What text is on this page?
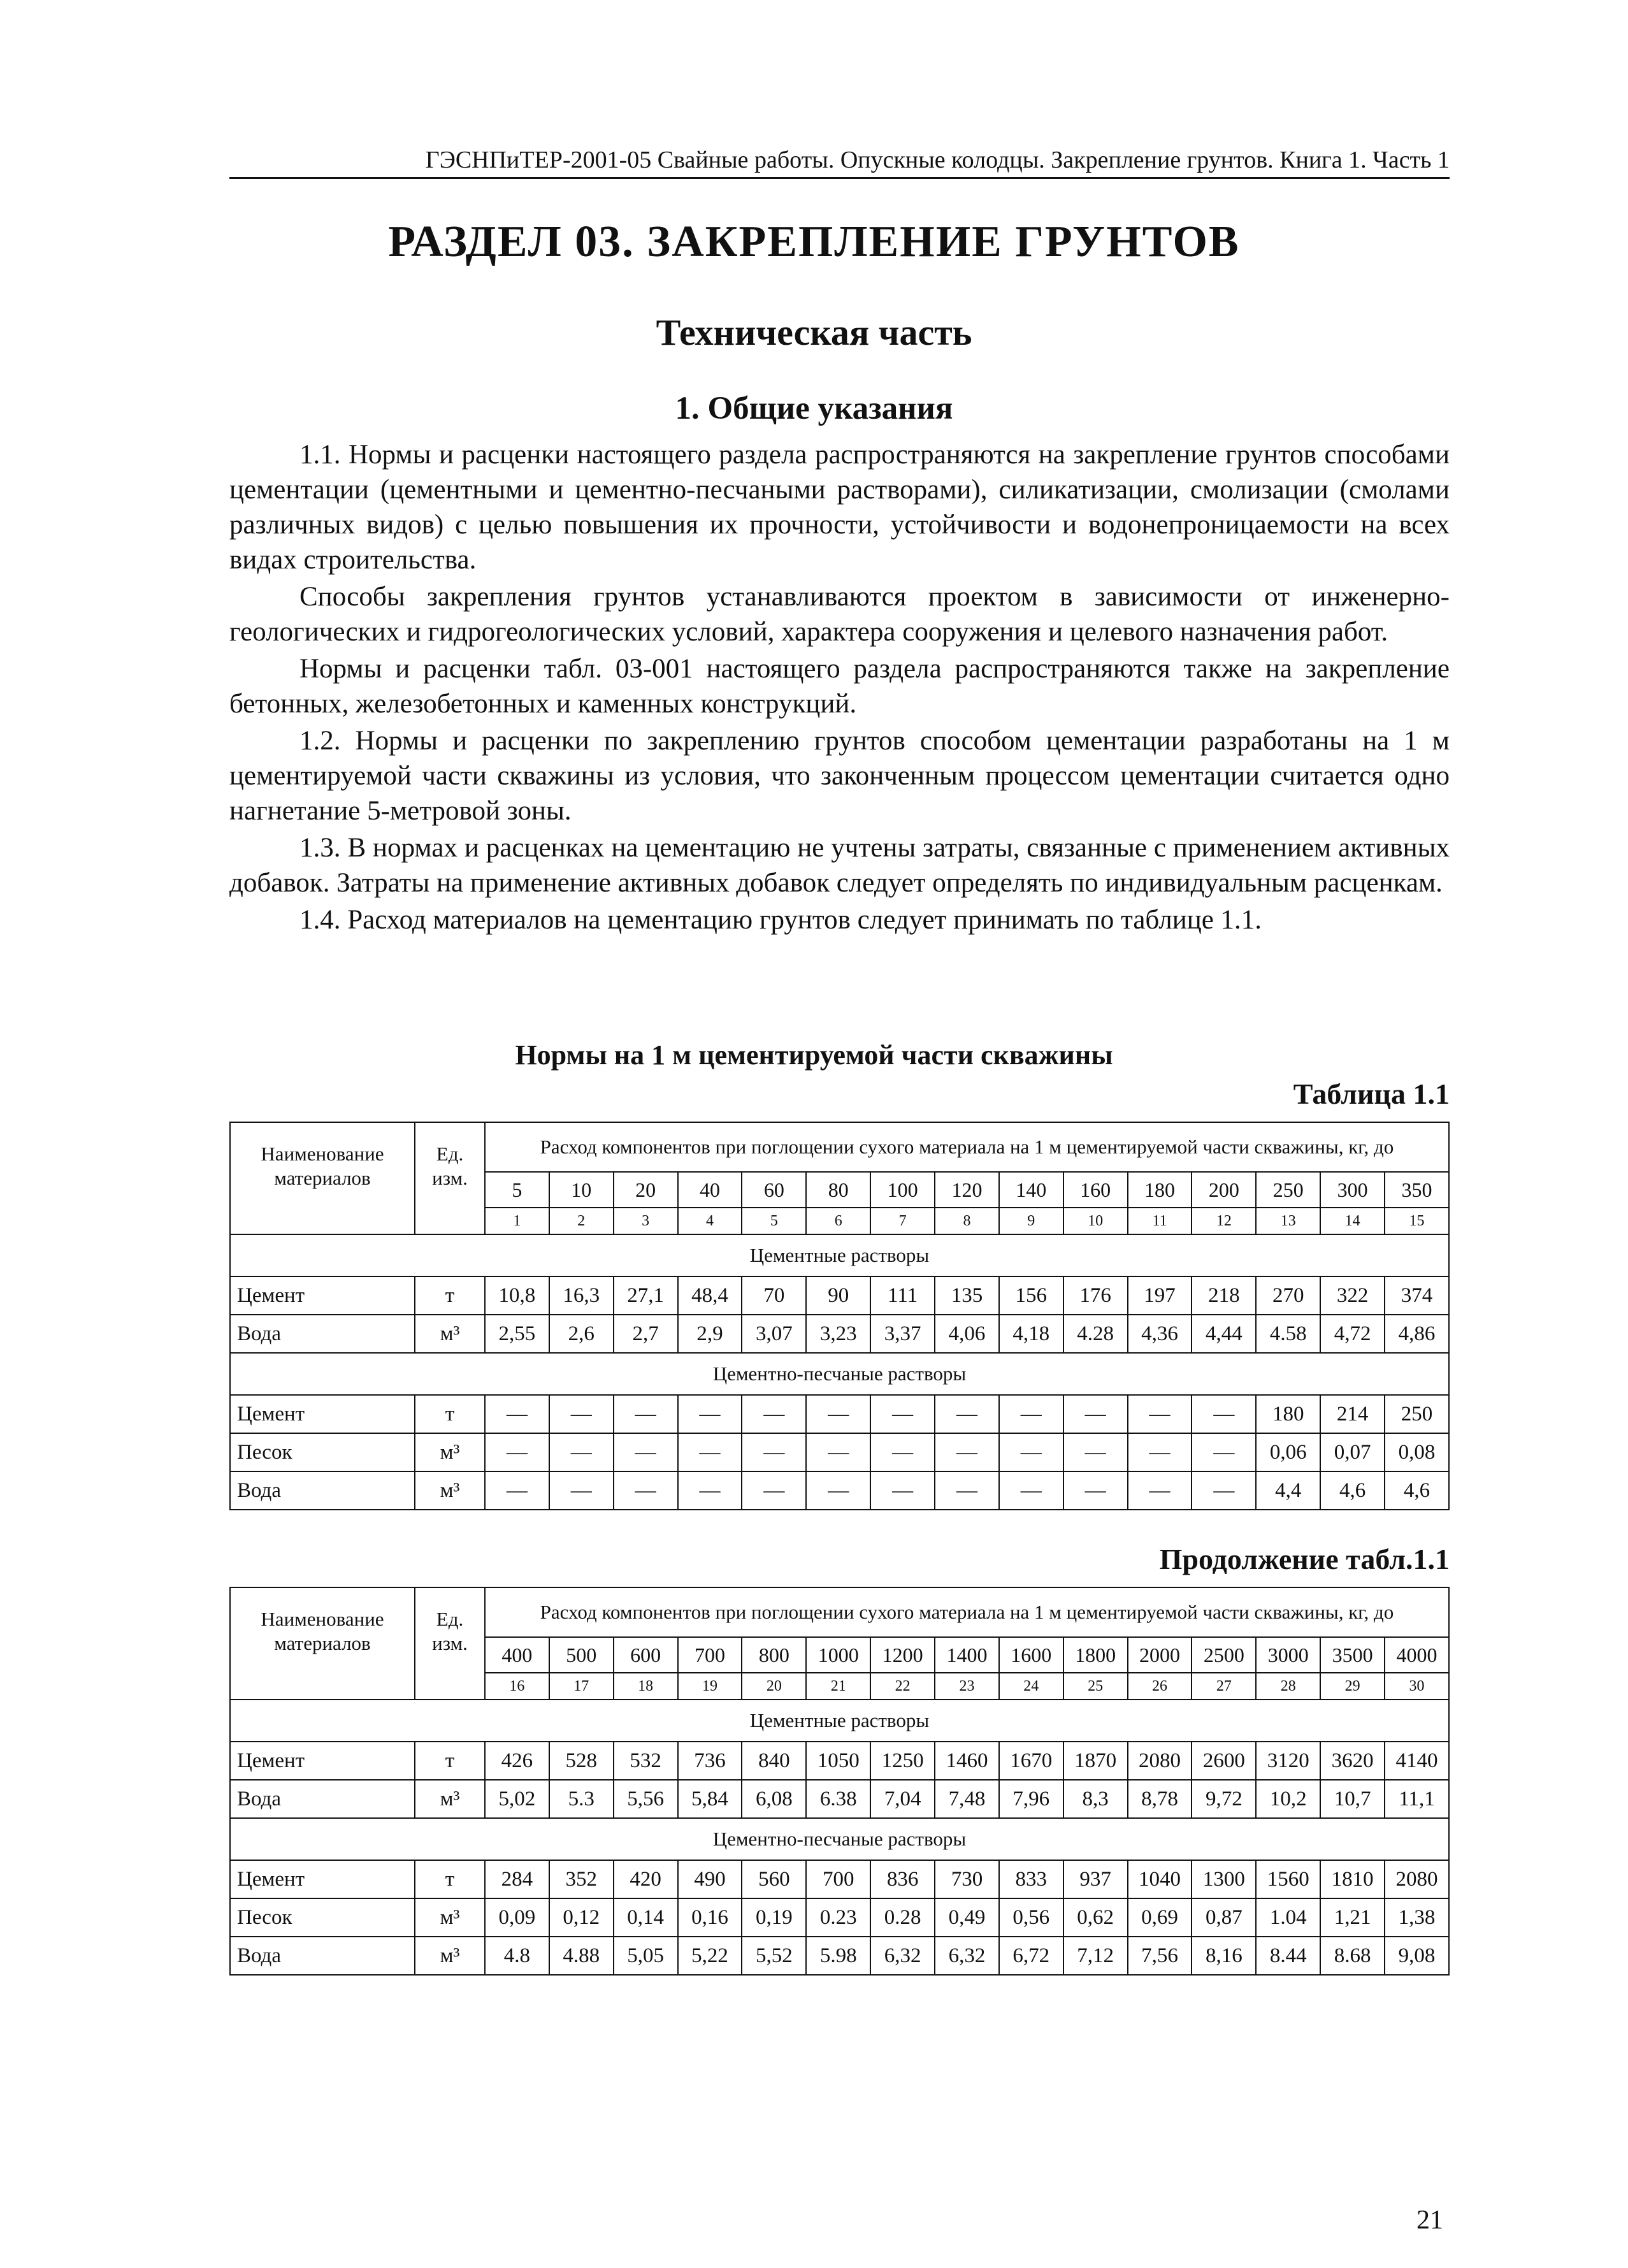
ГЭСНПиТЕР-2001-05 Свайные работы. Опускные колодцы. Закрепление грунтов. Книга 1. Часть 1
РАЗДЕЛ 03. ЗАКРЕПЛЕНИЕ ГРУНТОВ
Техническая часть
1. Общие указания

1.1. Нормы и расценки настоящего раздела распространяются на закрепление грунтов способами цементации (цементными и цементно-песчаными растворами), силикатизации, смолизации (смолами различных видов) с целью повышения их прочности, устойчивости и водонепроницаемости на всех видах строительства.

Способы закрепления грунтов устанавливаются проектом в зависимости от инженерно-геологических и гидрогеологических условий, характера сооружения и целевого назначения работ.

Нормы и расценки табл. 03-001 настоящего раздела распространяются также на закрепление бетонных, железобетонных и каменных конструкций.

1.2. Нормы и расценки по закреплению грунтов способом цементации разработаны на 1 м цементируемой части скважины из условия, что законченным процессом цементации считается одно нагнетание 5-метровой зоны.

1.3. В нормах и расценках на цементацию не учтены затраты, связанные с применением активных добавок. Затраты на применение активных добавок следует определять по индивидуальным расценкам.

1.4. Расход материалов на цементацию грунтов следует принимать по таблице 1.1.

Нормы на 1 м цементируемой части скважины
Таблица 1.1
Наименование материалов	Ед. изм.	Расход компонентов при поглощении сухого материала на 1 м цементируемой части скважины, кг, до														
		5	10	20	40	60	80	100	120	140	160	180	200	250	300	350
		1	2	3	4	5	6	7	8	9	10	11	12	13	14	15
Цементные растворы																
Цемент	т	10,8	16,3	27,1	48,4	70	90	111	135	156	176	197	218	270	322	374
Вода	м³	2,55	2,6	2,7	2,9	3,07	3,23	3,37	4,06	4,18	4.28	4,36	4,44	4.58	4,72	4,86
Цементно-песчаные растворы																
Цемент	т	—	—	—	—	—	—	—	—	—	—	—	—	180	214	250
Песок	м³	—	—	—	—	—	—	—	—	—	—	—	—	0,06	0,07	0,08
Вода	м³	—	—	—	—	—	—	—	—	—	—	—	—	4,4	4,6	4,6
Продолжение табл.1.1
Наименование материалов	Ед. изм.	Расход компонентов при поглощении сухого материала на 1 м цементируемой части скважины, кг, до														
		400	500	600	700	800	1000	1200	1400	1600	1800	2000	2500	3000	3500	4000
		16	17	18	19	20	21	22	23	24	25	26	27	28	29	30
Цементные растворы																
Цемент	т	426	528	532	736	840	1050	1250	1460	1670	1870	2080	2600	3120	3620	4140
Вода	м³	5,02	5.3	5,56	5,84	6,08	6.38	7,04	7,48	7,96	8,3	8,78	9,72	10,2	10,7	11,1
Цементно-песчаные растворы																
Цемент	т	284	352	420	490	560	700	836	730	833	937	1040	1300	1560	1810	2080
Песок	м³	0,09	0,12	0,14	0,16	0,19	0.23	0.28	0,49	0,56	0,62	0,69	0,87	1.04	1,21	1,38
Вода	м³	4.8	4.88	5,05	5,22	5,52	5.98	6,32	6,32	6,72	7,12	7,56	8,16	8.44	8.68	9,08
21
